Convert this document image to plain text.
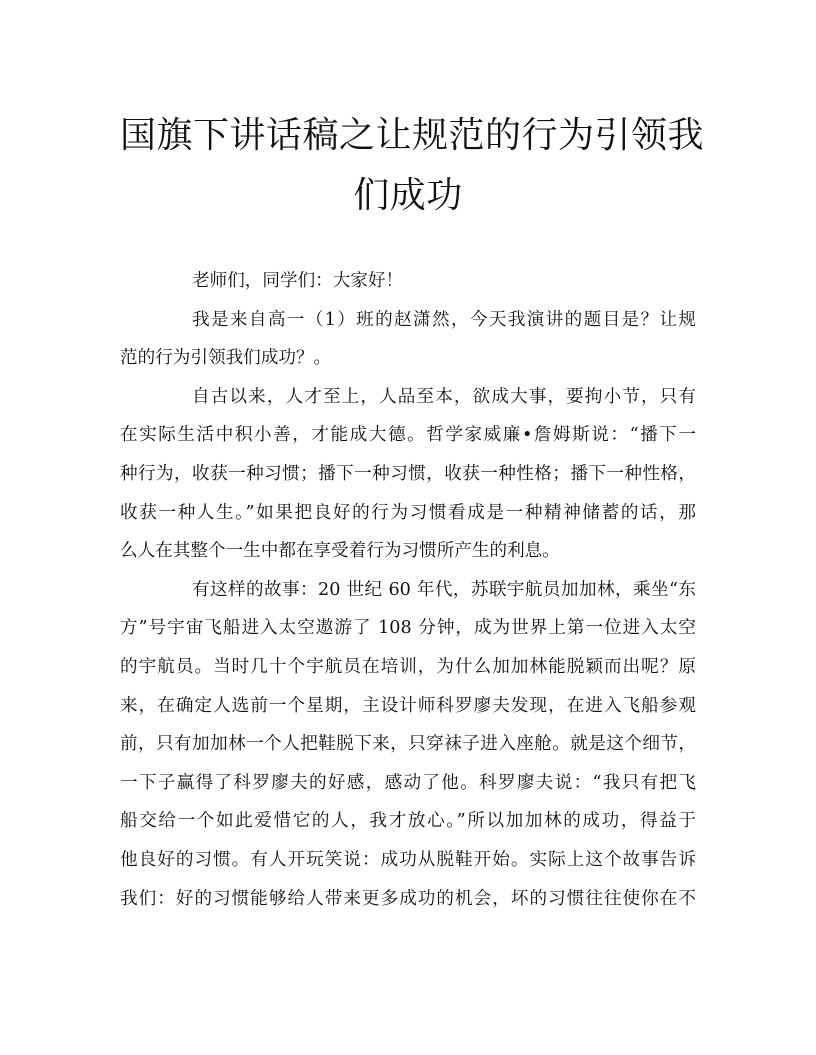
国旗下讲话稿之让规范的行为引领我
们成功

老师们，同学们：大家好！

我是来自高一（1）班的赵潇然，今天我演讲的题目是？让规
范的行为引领我们成功？。

自古以来，人才至上，人品至本，欲成大事，要拘小节，只有
在实际生活中积小善，才能成大德。哲学家威廉•詹姆斯说：“播下一
种行为，收获一种习惯；播下一种习惯，收获一种性格；播下一种性格，
收获一种人生。”如果把良好的行为习惯看成是一种精神储蓄的话，那
么人在其整个一生中都在享受着行为习惯所产生的利息。

有这样的故事：20 世纪 60 年代，苏联宇航员加加林，乘坐“东
方”号宇宙飞船进入太空遨游了 108 分钟，成为世界上第一位进入太空
的宇航员。当时几十个宇航员在培训，为什么加加林能脱颖而出呢？原
来，在确定人选前一个星期，主设计师科罗廖夫发现，在进入飞船参观
前，只有加加林一个人把鞋脱下来，只穿袜子进入座舱。就是这个细节，
一下子赢得了科罗廖夫的好感，感动了他。科罗廖夫说：“我只有把飞
船交给一个如此爱惜它的人，我才放心。”所以加加林的成功，得益于
他良好的习惯。有人开玩笑说：成功从脱鞋开始。实际上这个故事告诉
我们：好的习惯能够给人带来更多成功的机会，坏的习惯往往使你在不
